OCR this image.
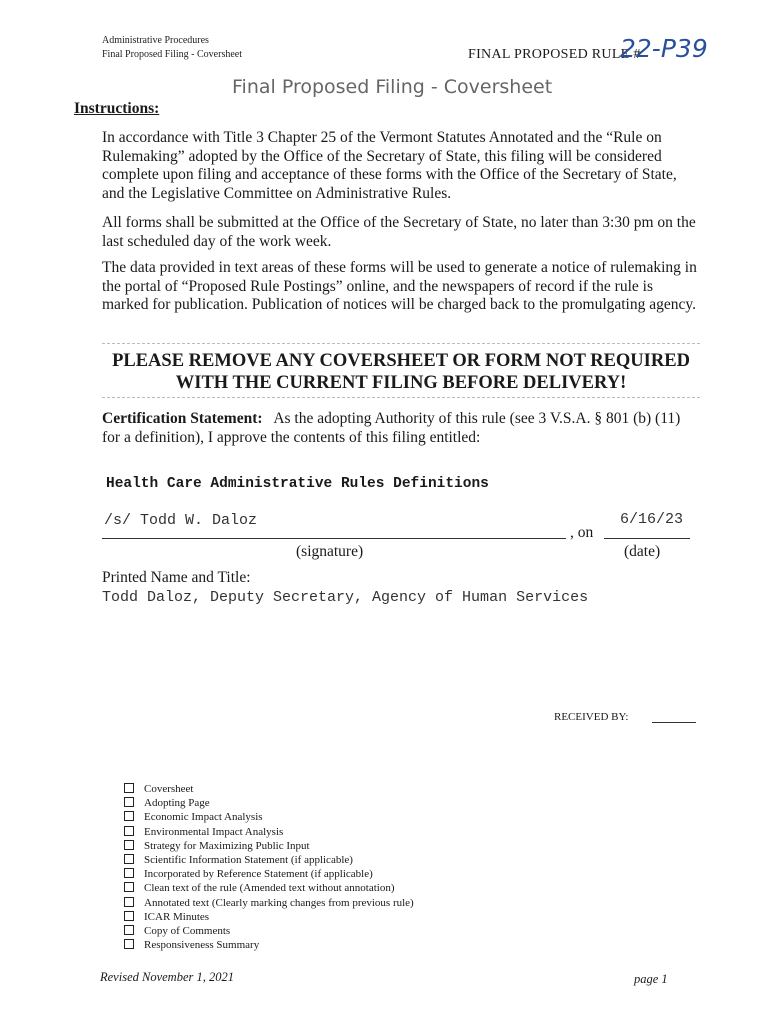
Administrative Procedures
Final Proposed Filing - Coversheet	FINAL PROPOSED RULE #
22-P39
Final Proposed Filing - Coversheet
Instructions:
In accordance with Title 3 Chapter 25 of the Vermont Statutes Annotated and the “Rule on Rulemaking” adopted by the Office of the Secretary of State, this filing will be considered complete upon filing and acceptance of these forms with the Office of the Secretary of State, and the Legislative Committee on Administrative Rules.
All forms shall be submitted at the Office of the Secretary of State, no later than 3:30 pm on the last scheduled day of the work week.
The data provided in text areas of these forms will be used to generate a notice of rulemaking in the portal of “Proposed Rule Postings” online, and the newspapers of record if the rule is marked for publication. Publication of notices will be charged back to the promulgating agency.
PLEASE REMOVE ANY COVERSHEET OR FORM NOT REQUIRED WITH THE CURRENT FILING BEFORE DELIVERY!
Certification Statement: As the adopting Authority of this rule (see 3 V.S.A. § 801 (b) (11) for a definition), I approve the contents of this filing entitled:
Health Care Administrative Rules Definitions
/s/ Todd W. Daloz
, on
6/16/23
(signature)	(date)
Printed Name and Title:
Todd Daloz, Deputy Secretary, Agency of Human Services
RECEIVED BY:
Coversheet
Adopting Page
Economic Impact Analysis
Environmental Impact Analysis
Strategy for Maximizing Public Input
Scientific Information Statement (if applicable)
Incorporated by Reference Statement (if applicable)
Clean text of the rule (Amended text without annotation)
Annotated text (Clearly marking changes from previous rule)
ICAR Minutes
Copy of Comments
Responsiveness Summary
Revised November 1, 2021	page 1
